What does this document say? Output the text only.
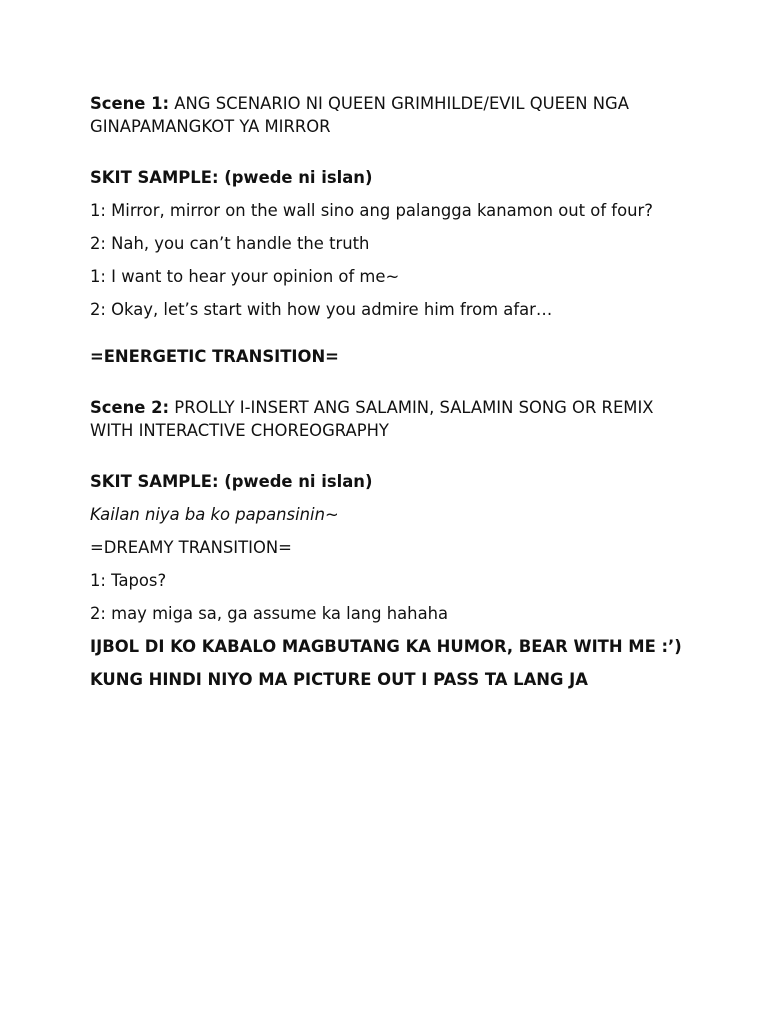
Scene 1: ANG SCENARIO NI QUEEN GRIMHILDE/EVIL QUEEN NGA GINAPAMANGKOT YA MIRROR

SKIT SAMPLE: (pwede ni islan)

1: Mirror, mirror on the wall sino ang palangga kanamon out of four?

2: Nah, you can’t handle the truth

1: I want to hear your opinion of me~

2: Okay, let’s start with how you admire him from afar…

=ENERGETIC TRANSITION=

Scene 2: PROLLY I-INSERT ANG SALAMIN, SALAMIN SONG OR REMIX WITH INTERACTIVE CHOREOGRAPHY

SKIT SAMPLE: (pwede ni islan)

Kailan niya ba ko papansinin~

=DREAMY TRANSITION=

1: Tapos?

2: may miga sa, ga assume ka lang hahaha

IJBOL DI KO KABALO MAGBUTANG KA HUMOR, BEAR WITH ME :’)

KUNG HINDI NIYO MA PICTURE OUT I PASS TA LANG JA
